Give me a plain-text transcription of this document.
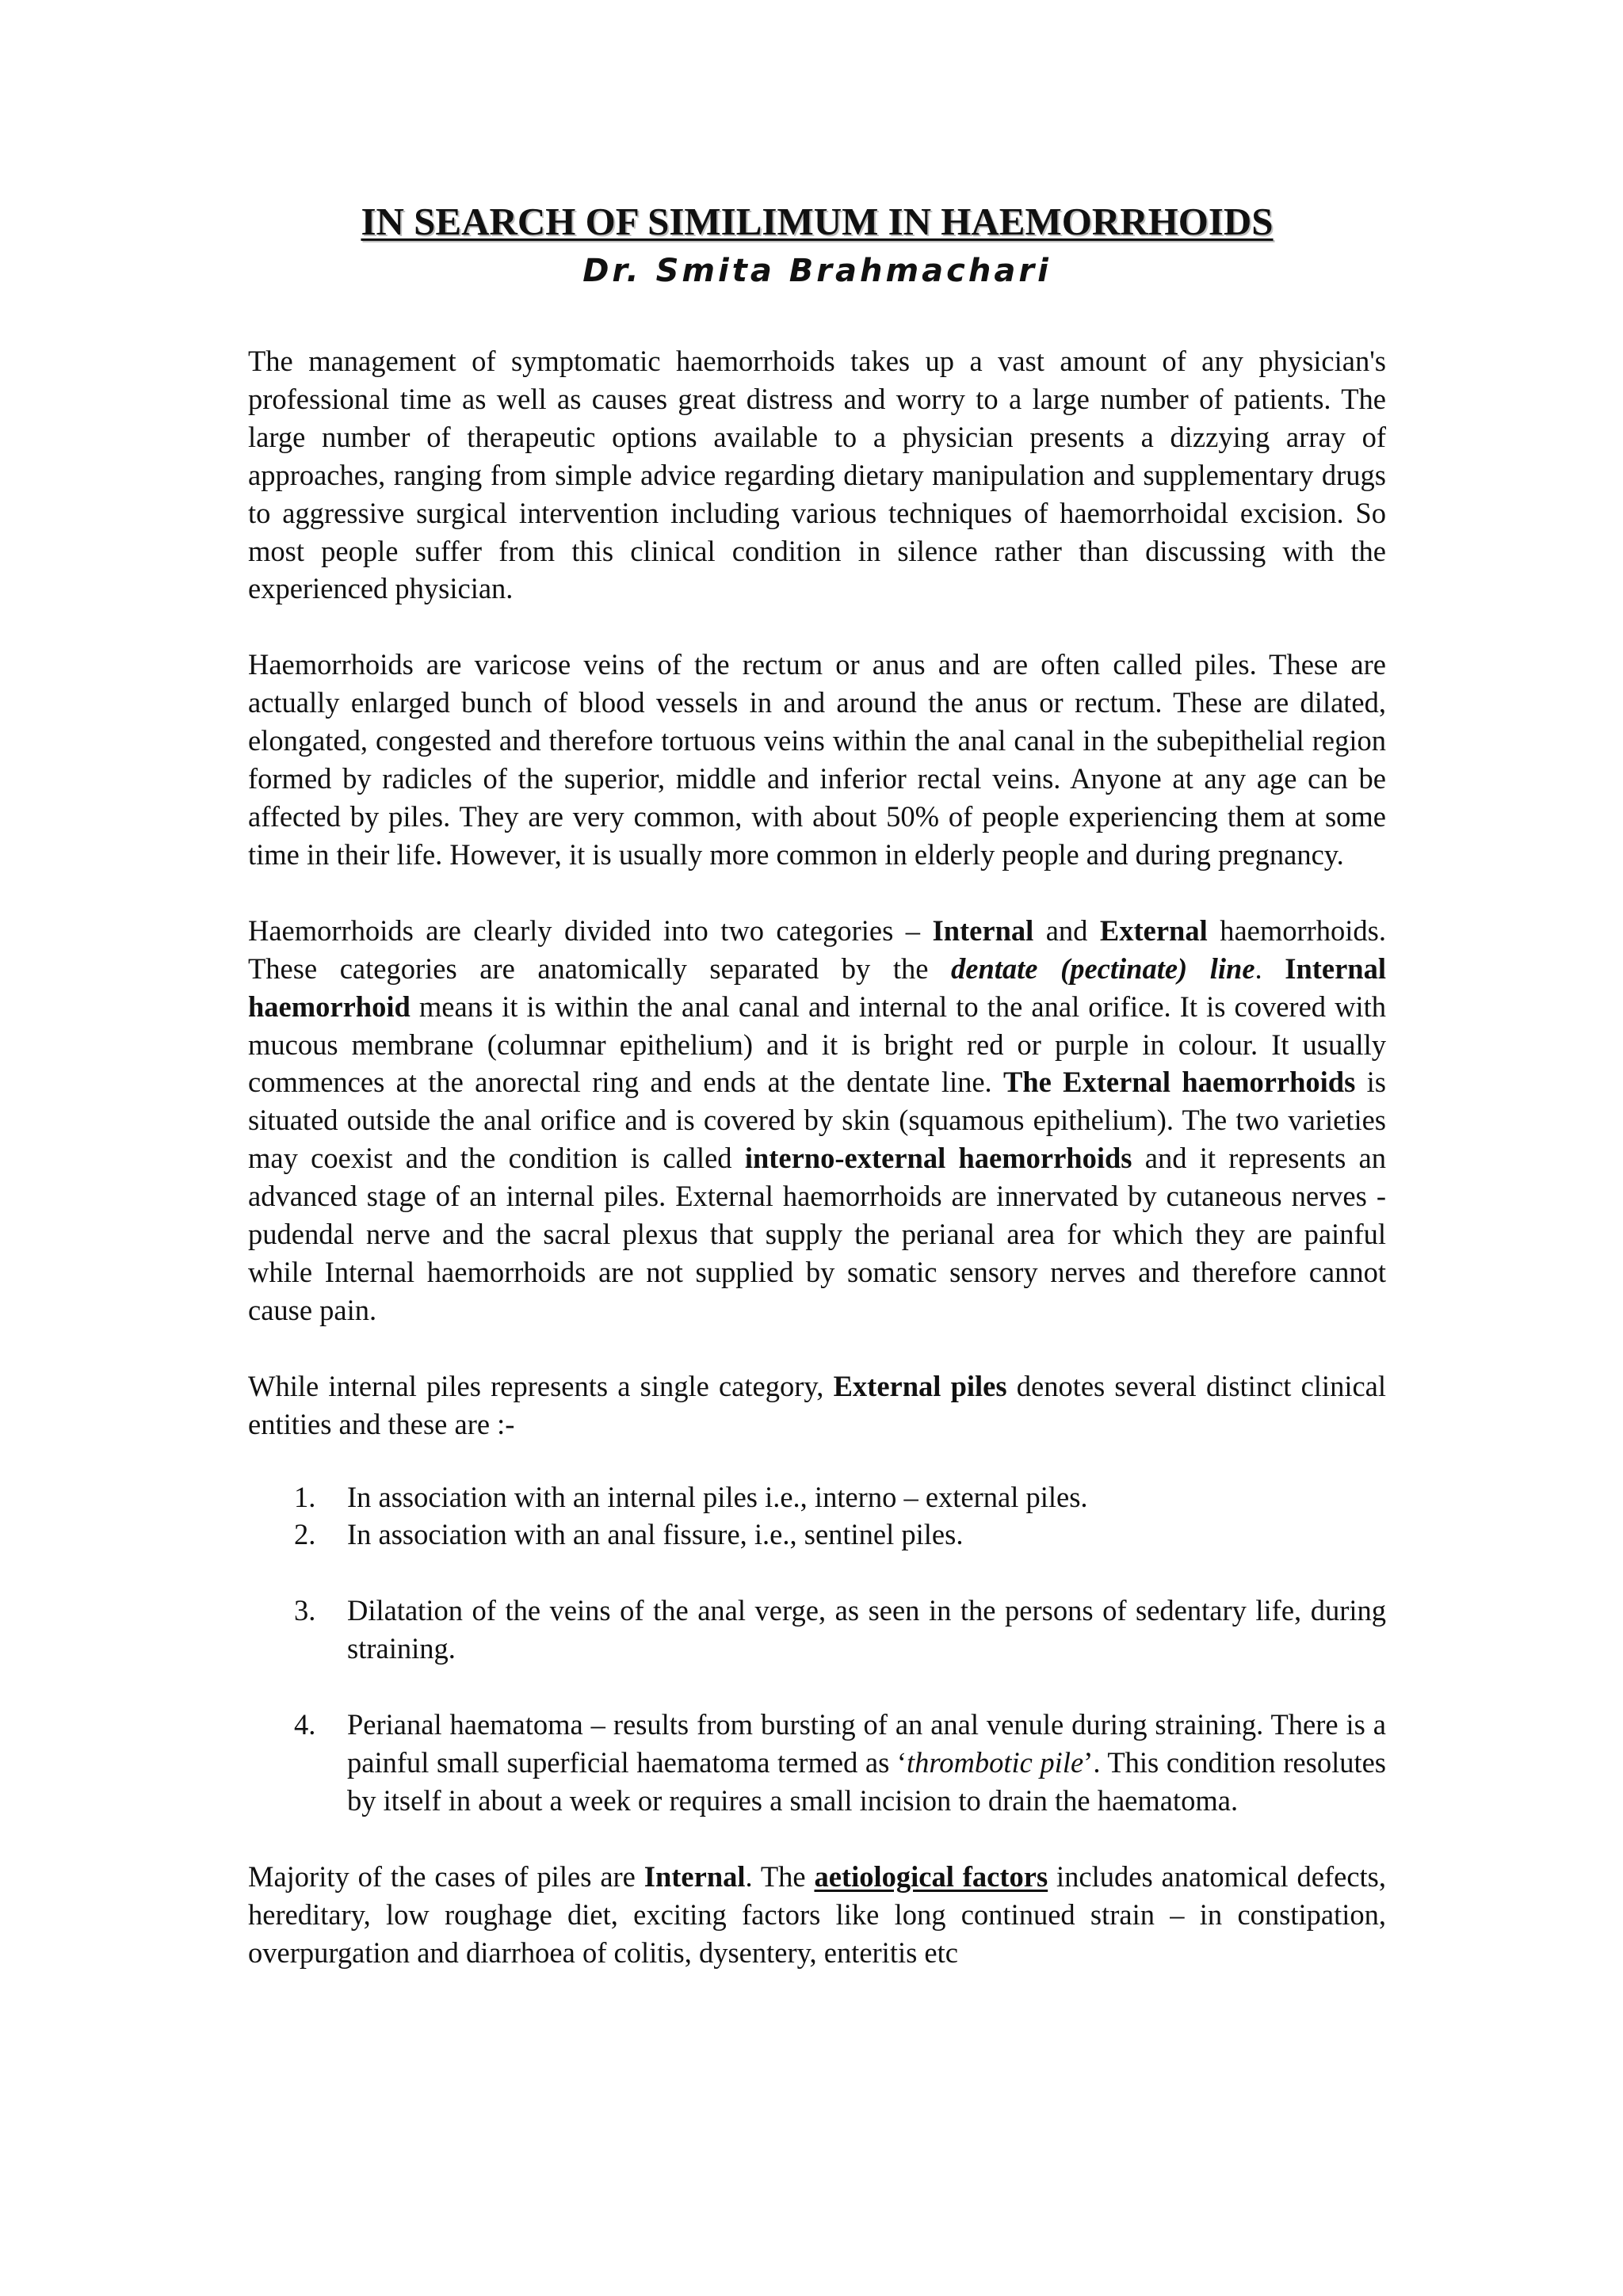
IN SEARCH OF SIMILIMUM IN HAEMORRHOIDS
Dr. Smita Brahmachari

The management of symptomatic haemorrhoids takes up a vast amount of any physician's professional time as well as causes great distress and worry to a large number of patients. The large number of therapeutic options available to a physician presents a dizzying array of approaches, ranging from simple advice regarding dietary manipulation and supplementary drugs to aggressive surgical intervention including various techniques of haemorrhoidal excision. So most people suffer from this clinical condition in silence rather than discussing with the experienced physician.

Haemorrhoids are varicose veins of the rectum or anus and are often called piles. These are actually enlarged bunch of blood vessels in and around the anus or rectum. These are dilated, elongated, congested and therefore tortuous veins within the anal canal in the subepithelial region formed by radicles of the superior, middle and inferior rectal veins. Anyone at any age can be affected by piles. They are very common, with about 50% of people experiencing them at some time in their life. However, it is usually more common in elderly people and during pregnancy.

Haemorrhoids are clearly divided into two categories – Internal and External haemorrhoids. These categories are anatomically separated by the dentate (pectinate) line. Internal haemorrhoid means it is within the anal canal and internal to the anal orifice. It is covered with mucous membrane (columnar epithelium) and it is bright red or purple in colour. It usually commences at the anorectal ring and ends at the dentate line. The External haemorrhoids is situated outside the anal orifice and is covered by skin (squamous epithelium). The two varieties may coexist and the condition is called interno-external haemorrhoids and it represents an advanced stage of an internal piles. External haemorrhoids are innervated by cutaneous nerves - pudendal nerve and the sacral plexus that supply the perianal area for which they are painful while Internal haemorrhoids are not supplied by somatic sensory nerves and therefore cannot cause pain.

While internal piles represents a single category, External piles denotes several distinct clinical entities and these are :-

1. In association with an internal piles i.e., interno – external piles.
2. In association with an anal fissure, i.e., sentinel piles.
3. Dilatation of the veins of the anal verge, as seen in the persons of sedentary life, during straining.
4. Perianal haematoma – results from bursting of an anal venule during straining. There is a painful small superficial haematoma termed as ‘thrombotic pile’. This condition resolutes by itself in about a week or requires a small incision to drain the haematoma.

Majority of the cases of piles are Internal. The aetiological factors includes anatomical defects, hereditary, low roughage diet, exciting factors like long continued strain – in constipation, overpurgation and diarrhoea of colitis, dysentery, enteritis etc
